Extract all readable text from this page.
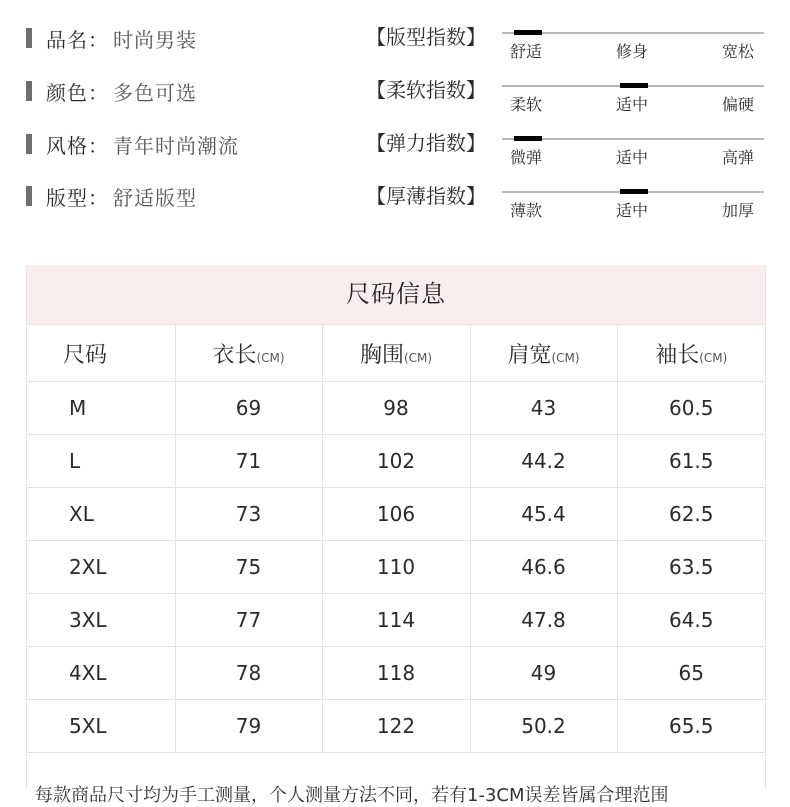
品名： 时尚男装
颜色： 多色可选
风格： 青年时尚潮流
版型： 舒适版型
【版型指数】
【柔软指数】
【弹力指数】
【厚薄指数】
舒适	修身	宽松
柔软	适中	偏硬
微弹	适中	高弹
薄款	适中	加厚
尺码信息
尺码	衣长(CM)	胸围(CM)	肩宽(CM)	袖长(CM)
M	69	98	43	60.5
L	71	102	44.2	61.5
XL	73	106	45.4	62.5
2XL	75	110	46.6	63.5
3XL	77	114	47.8	64.5
4XL	78	118	49	65
5XL	79	122	50.2	65.5
每款商品尺寸均为手工测量，个人测量方法不同，若有1-3CM误差皆属合理范围
